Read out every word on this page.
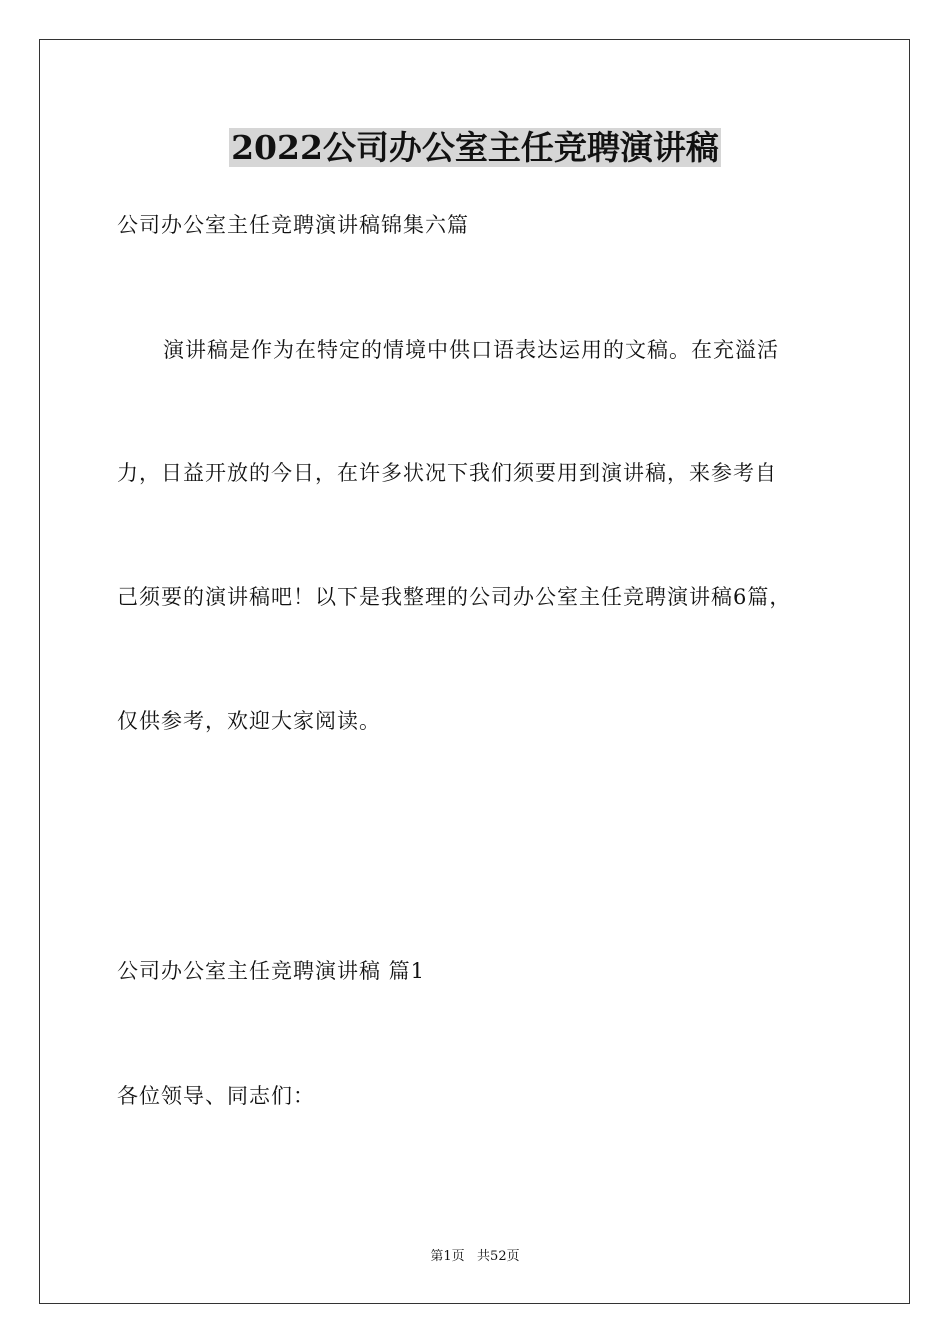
2022公司办公室主任竞聘演讲稿

公司办公室主任竞聘演讲稿锦集六篇

演讲稿是作为在特定的情境中供口语表达运用的文稿。在充溢活

力，日益开放的今日，在许多状况下我们须要用到演讲稿，来参考自

己须要的演讲稿吧！以下是我整理的公司办公室主任竞聘演讲稿6篇，

仅供参考，欢迎大家阅读。

公司办公室主任竞聘演讲稿 篇1

各位领导、同志们：

第1页   共52页
